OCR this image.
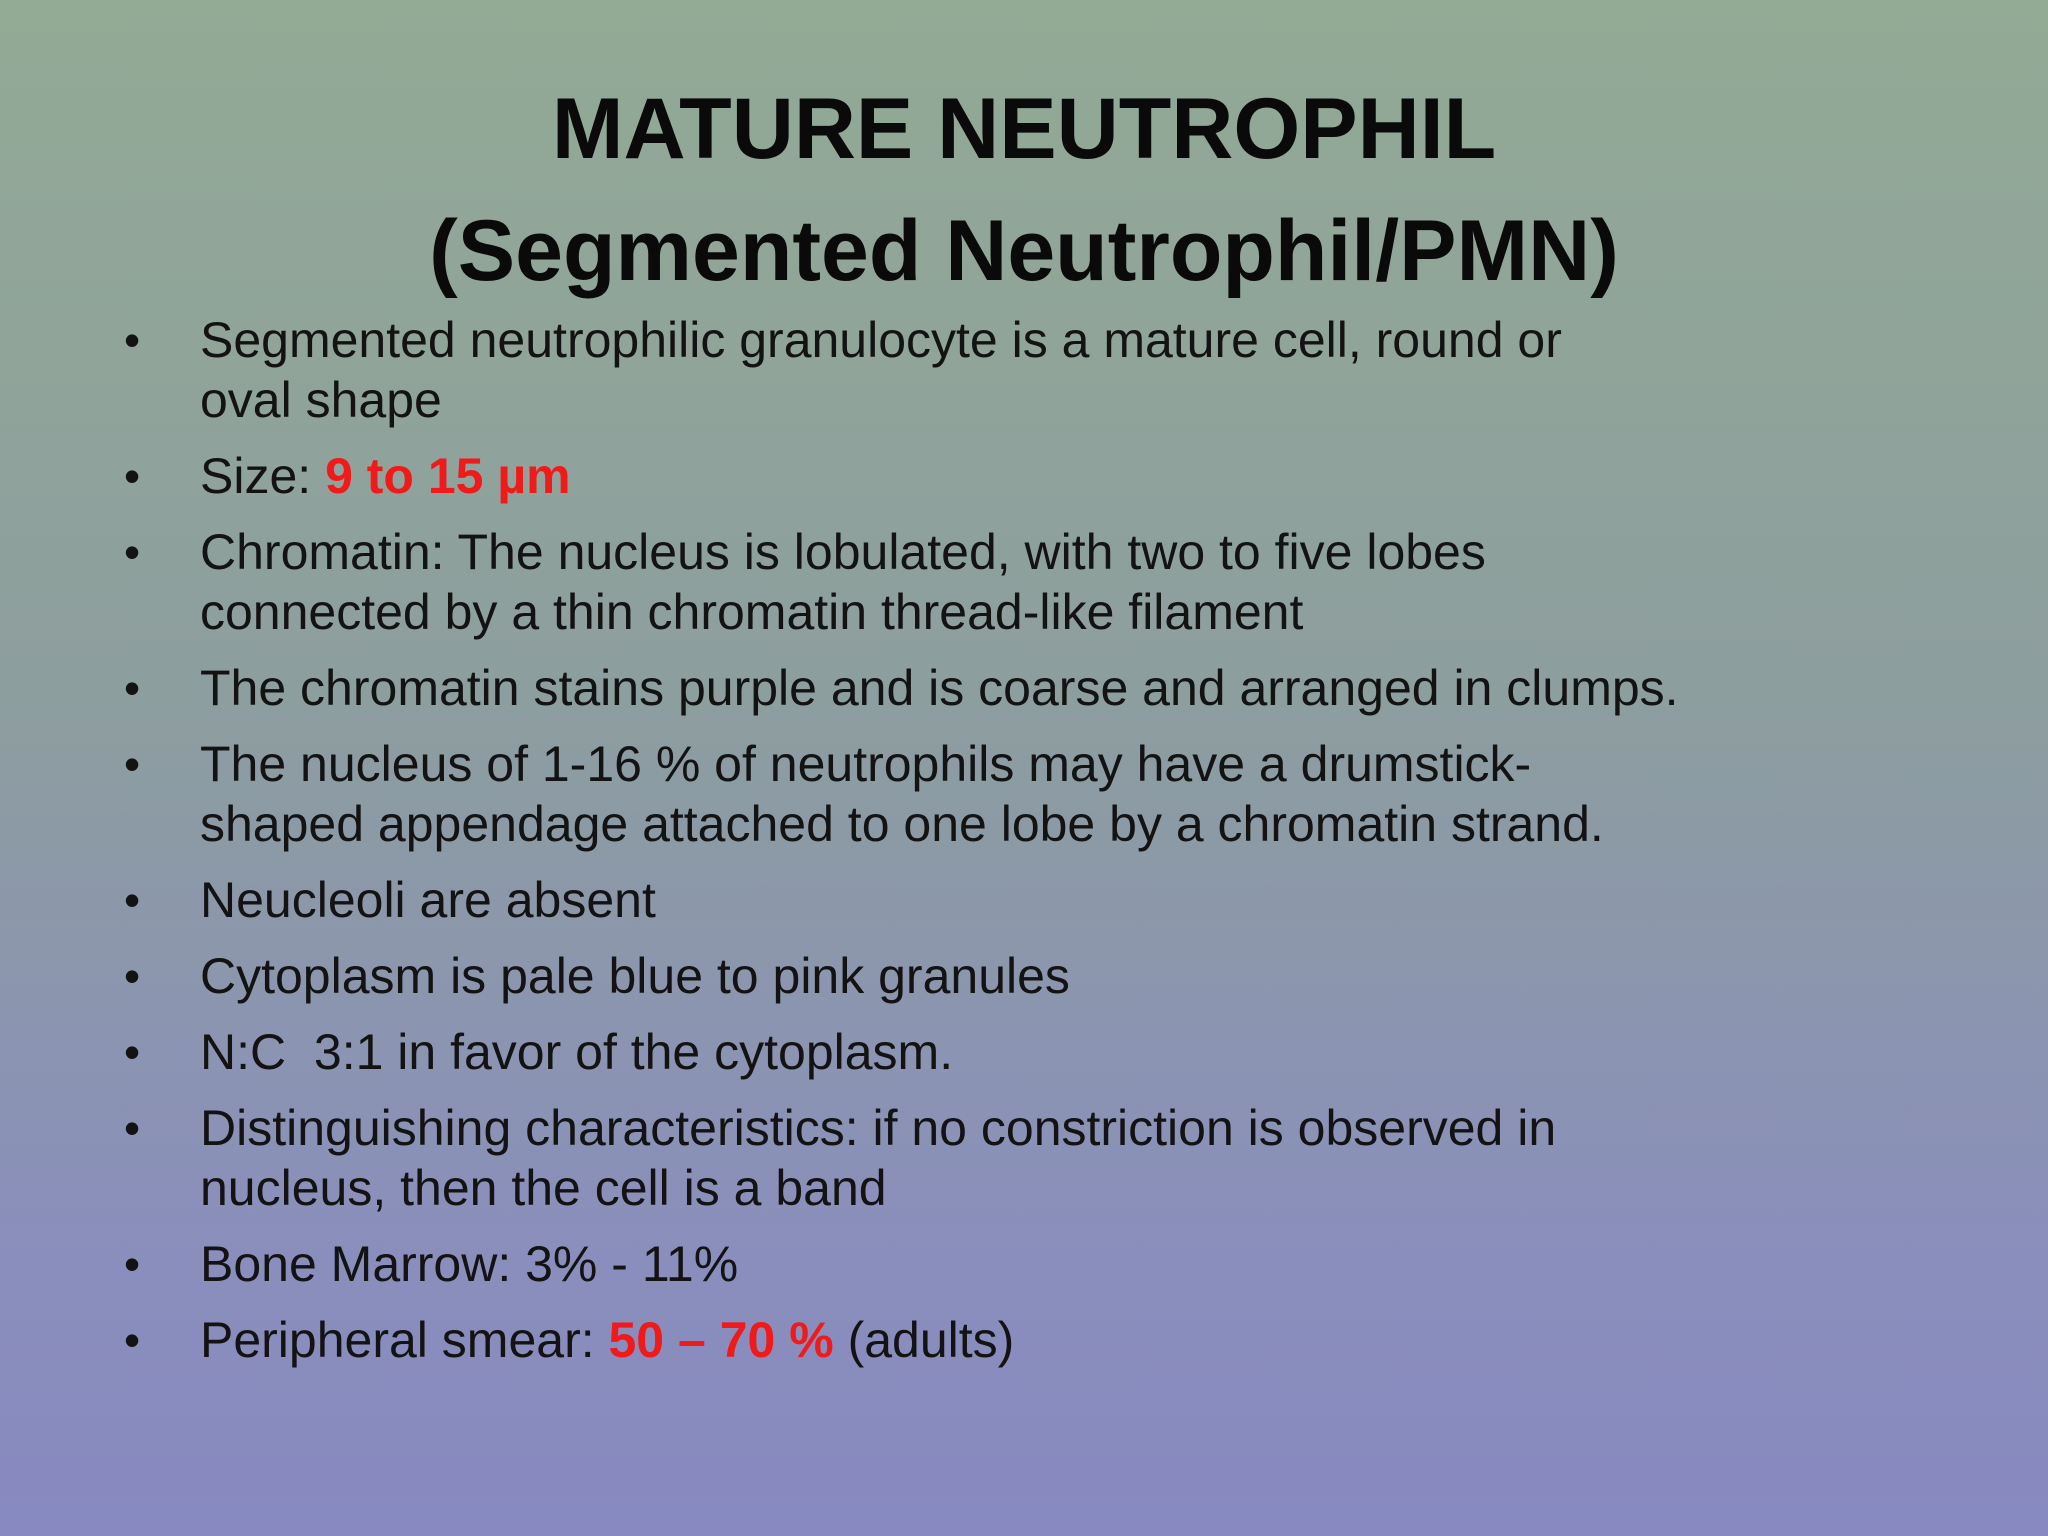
MATURE NEUTROPHIL
(Segmented Neutrophil/PMN)
• Segmented neutrophilic granulocyte is a mature cell, round or
oval shape
• Size: 9 to 15 µm
• Chromatin: The nucleus is lobulated, with two to five lobes
connected by a thin chromatin thread-like filament
• The chromatin stains purple and is coarse and arranged in clumps.
• The nucleus of 1-16 % of neutrophils may have a drumstick-
shaped appendage attached to one lobe by a chromatin strand.
• Neucleoli are absent
• Cytoplasm is pale blue to pink granules
• N:C  3:1 in favor of the cytoplasm.
• Distinguishing characteristics: if no constriction is observed in
nucleus, then the cell is a band
• Bone Marrow: 3% - 11%
• Peripheral smear: 50 – 70 % (adults)
